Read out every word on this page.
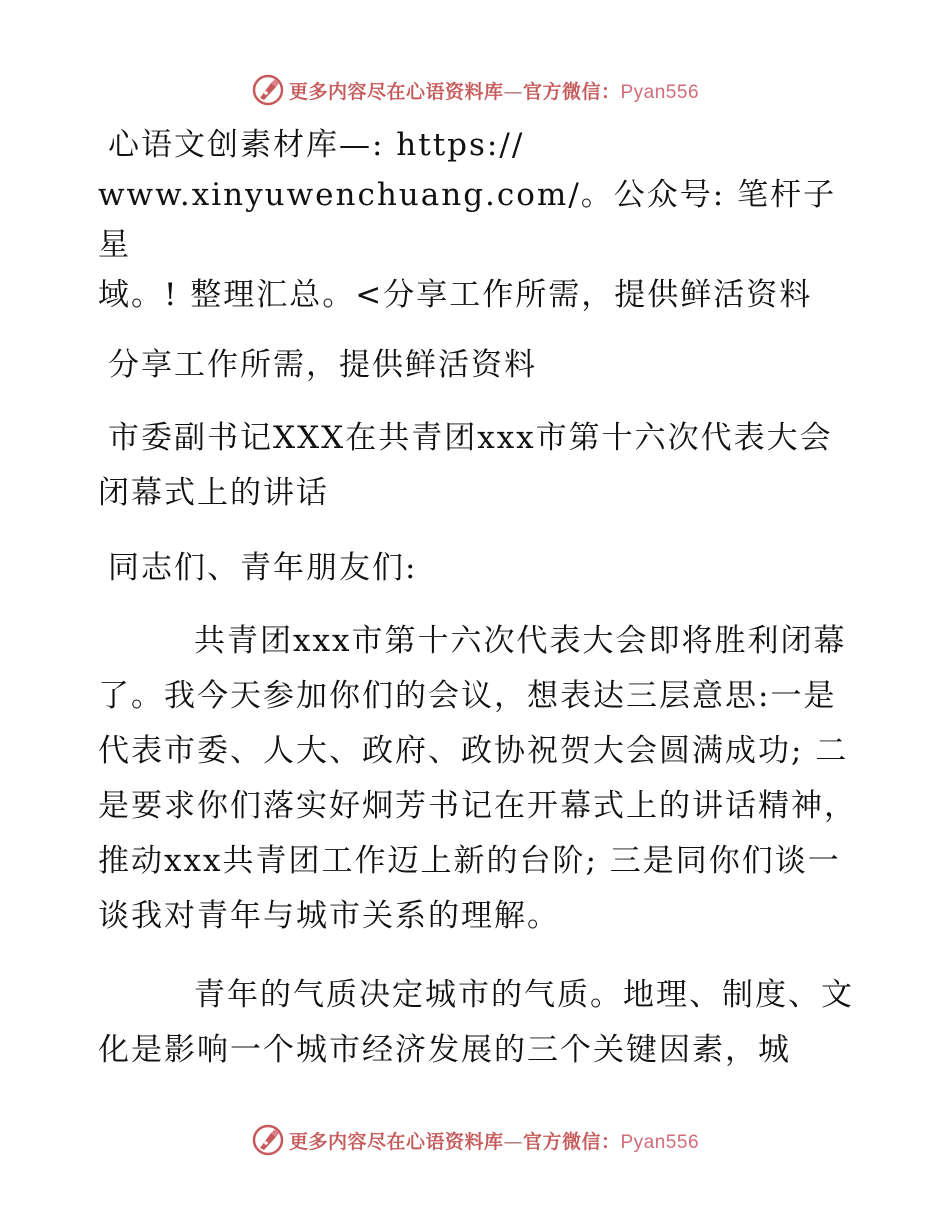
更多内容尽在心语资料库—官方微信：Pyan556

心语文创素材库—: https://

www.xinyuwenchuang.com/。公众号: 笔杆子星

域。! 整理汇总。<分享工作所需，提供鲜活资料

分享工作所需，提供鲜活资料

市委副书记XXX在共青团xxx市第十六次代表大会闭幕式上的讲话

同志们、青年朋友们:

共青团xxx市第十六次代表大会即将胜利闭幕了。我今天参加你们的会议，想表达三层意思:一是代表市委、人大、政府、政协祝贺大会圆满成功; 二是要求你们落实好炯芳书记在开幕式上的讲话精神，推动xxx共青团工作迈上新的台阶; 三是同你们谈一谈我对青年与城市关系的理解。

青年的气质决定城市的气质。地理、制度、文化是影响一个城市经济发展的三个关键因素，城

更多内容尽在心语资料库—官方微信：Pyan556
